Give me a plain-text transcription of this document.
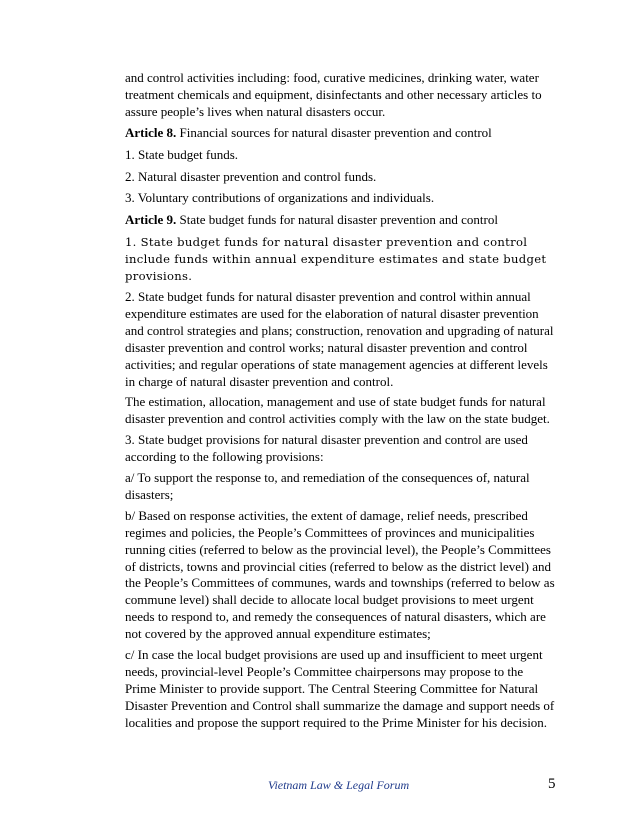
and control activities including: food, curative medicines, drinking water, water treatment chemicals and equipment, disinfectants and other necessary articles to assure people’s lives when natural disasters occur.

Article 8. Financial sources for natural disaster prevention and control

1. State budget funds.

2. Natural disaster prevention and control funds.

3. Voluntary contributions of organizations and individuals.

Article 9. State budget funds for natural disaster prevention and control

1. State budget funds for natural disaster prevention and control include funds within annual expenditure estimates and state budget provisions.

2. State budget funds for natural disaster prevention and control within annual expenditure estimates are used for the elaboration of natural disaster prevention and control strategies and plans; construction, renovation and upgrading of natural disaster prevention and control works; natural disaster prevention and control activities; and regular operations of state management agencies at different levels in charge of natural disaster prevention and control.

The estimation, allocation, management and use of state budget funds for natural disaster prevention and control activities comply with the law on the state budget.

3. State budget provisions for natural disaster prevention and control are used according to the following provisions:

a/ To support the response to, and remediation of the consequences of, natural disasters;

b/ Based on response activities, the extent of damage, relief needs, prescribed regimes and policies, the People’s Committees of provinces and municipalities running cities (referred to below as the provincial level), the People’s Committees of districts, towns and provincial cities (referred to below as the district level) and the People’s Committees of communes, wards and townships (referred to below as commune level) shall decide to allocate local budget provisions to meet urgent needs to respond to, and remedy the consequences of natural disasters, which are not covered by the approved annual expenditure estimates;

c/ In case the local budget provisions are used up and insufficient to meet urgent needs, provincial-level People’s Committee chairpersons may propose to the Prime Minister to provide support. The Central Steering Committee for Natural Disaster Prevention and Control shall summarize the damage and support needs of localities and propose the support required to the Prime Minister for his decision.

Vietnam Law & Legal Forum	5
